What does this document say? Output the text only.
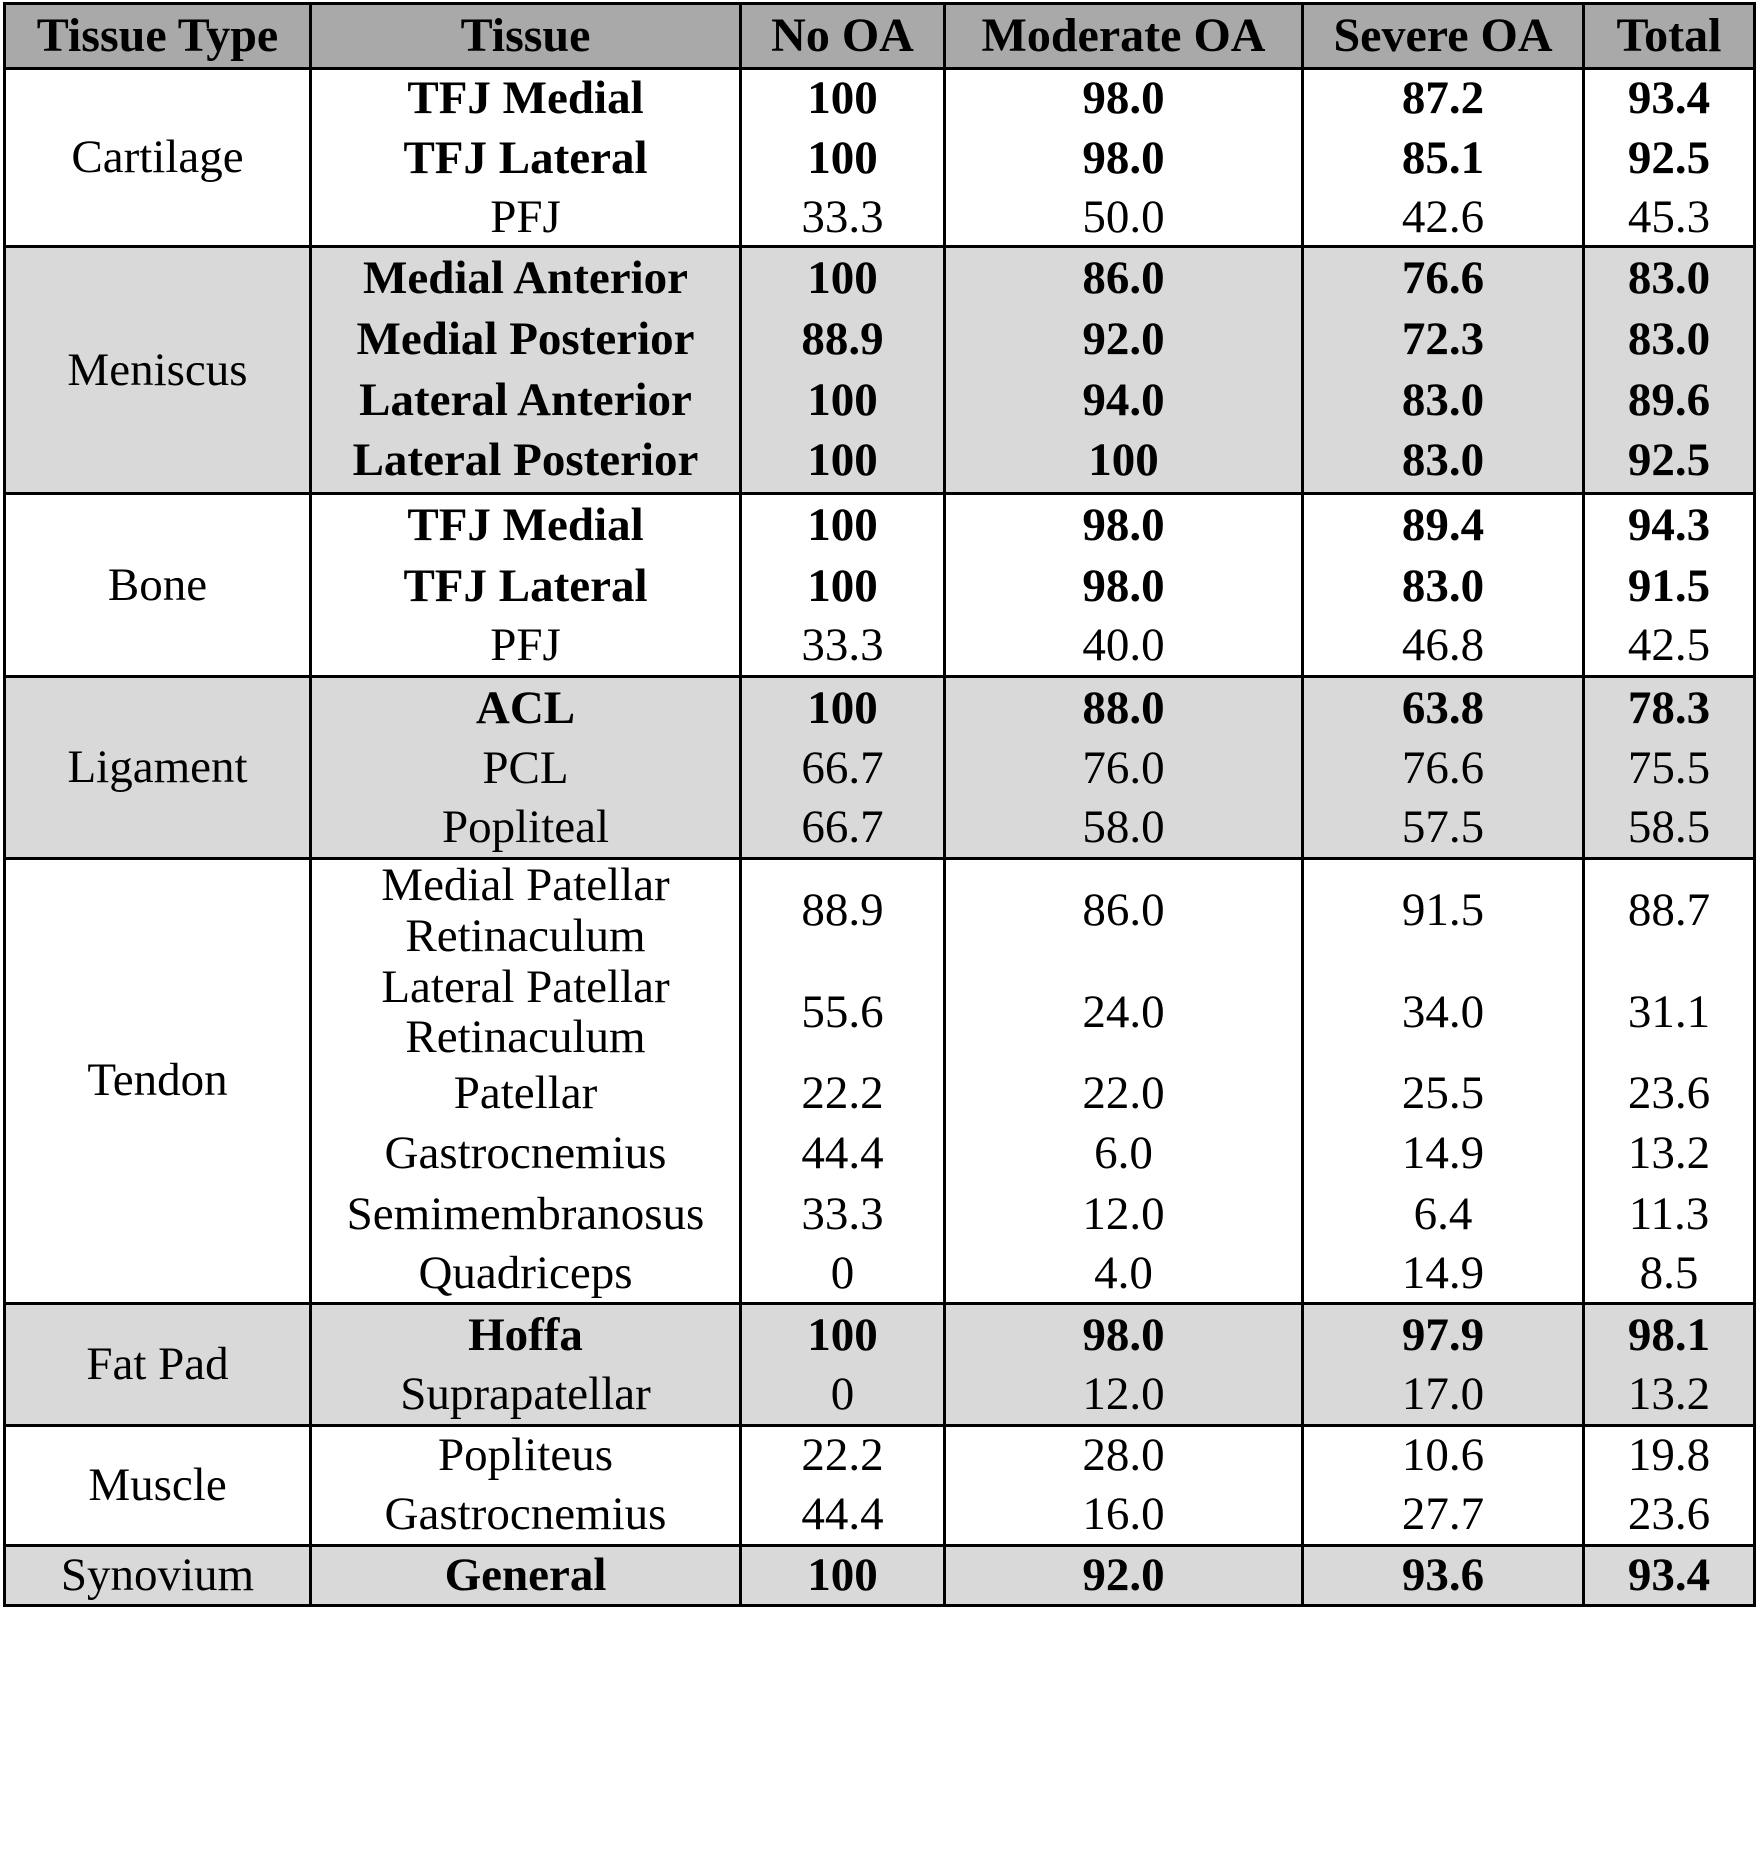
Tissue Type	Tissue	No OA	Moderate OA	Severe OA	Total
Cartilage	TFJ Medial	100	98.0	87.2	93.4
	TFJ Lateral	100	98.0	85.1	92.5
	PFJ	33.3	50.0	42.6	45.3
Meniscus	Medial Anterior	100	86.0	76.6	83.0
	Medial Posterior	88.9	92.0	72.3	83.0
	Lateral Anterior	100	94.0	83.0	89.6
	Lateral Posterior	100	100	83.0	92.5
Bone	TFJ Medial	100	98.0	89.4	94.3
	TFJ Lateral	100	98.0	83.0	91.5
	PFJ	33.3	40.0	46.8	42.5
Ligament	ACL	100	88.0	63.8	78.3
	PCL	66.7	76.0	76.6	75.5
	Popliteal	66.7	58.0	57.5	58.5
Tendon	Medial Patellar Retinaculum	88.9	86.0	91.5	88.7
	Lateral Patellar Retinaculum	55.6	24.0	34.0	31.1
	Patellar	22.2	22.0	25.5	23.6
	Gastrocnemius	44.4	6.0	14.9	13.2
	Semimembranosus	33.3	12.0	6.4	11.3
	Quadriceps	0	4.0	14.9	8.5
Fat Pad	Hoffa	100	98.0	97.9	98.1
	Suprapatellar	0	12.0	17.0	13.2
Muscle	Popliteus	22.2	28.0	10.6	19.8
	Gastrocnemius	44.4	16.0	27.7	23.6
Synovium	General	100	92.0	93.6	93.4
